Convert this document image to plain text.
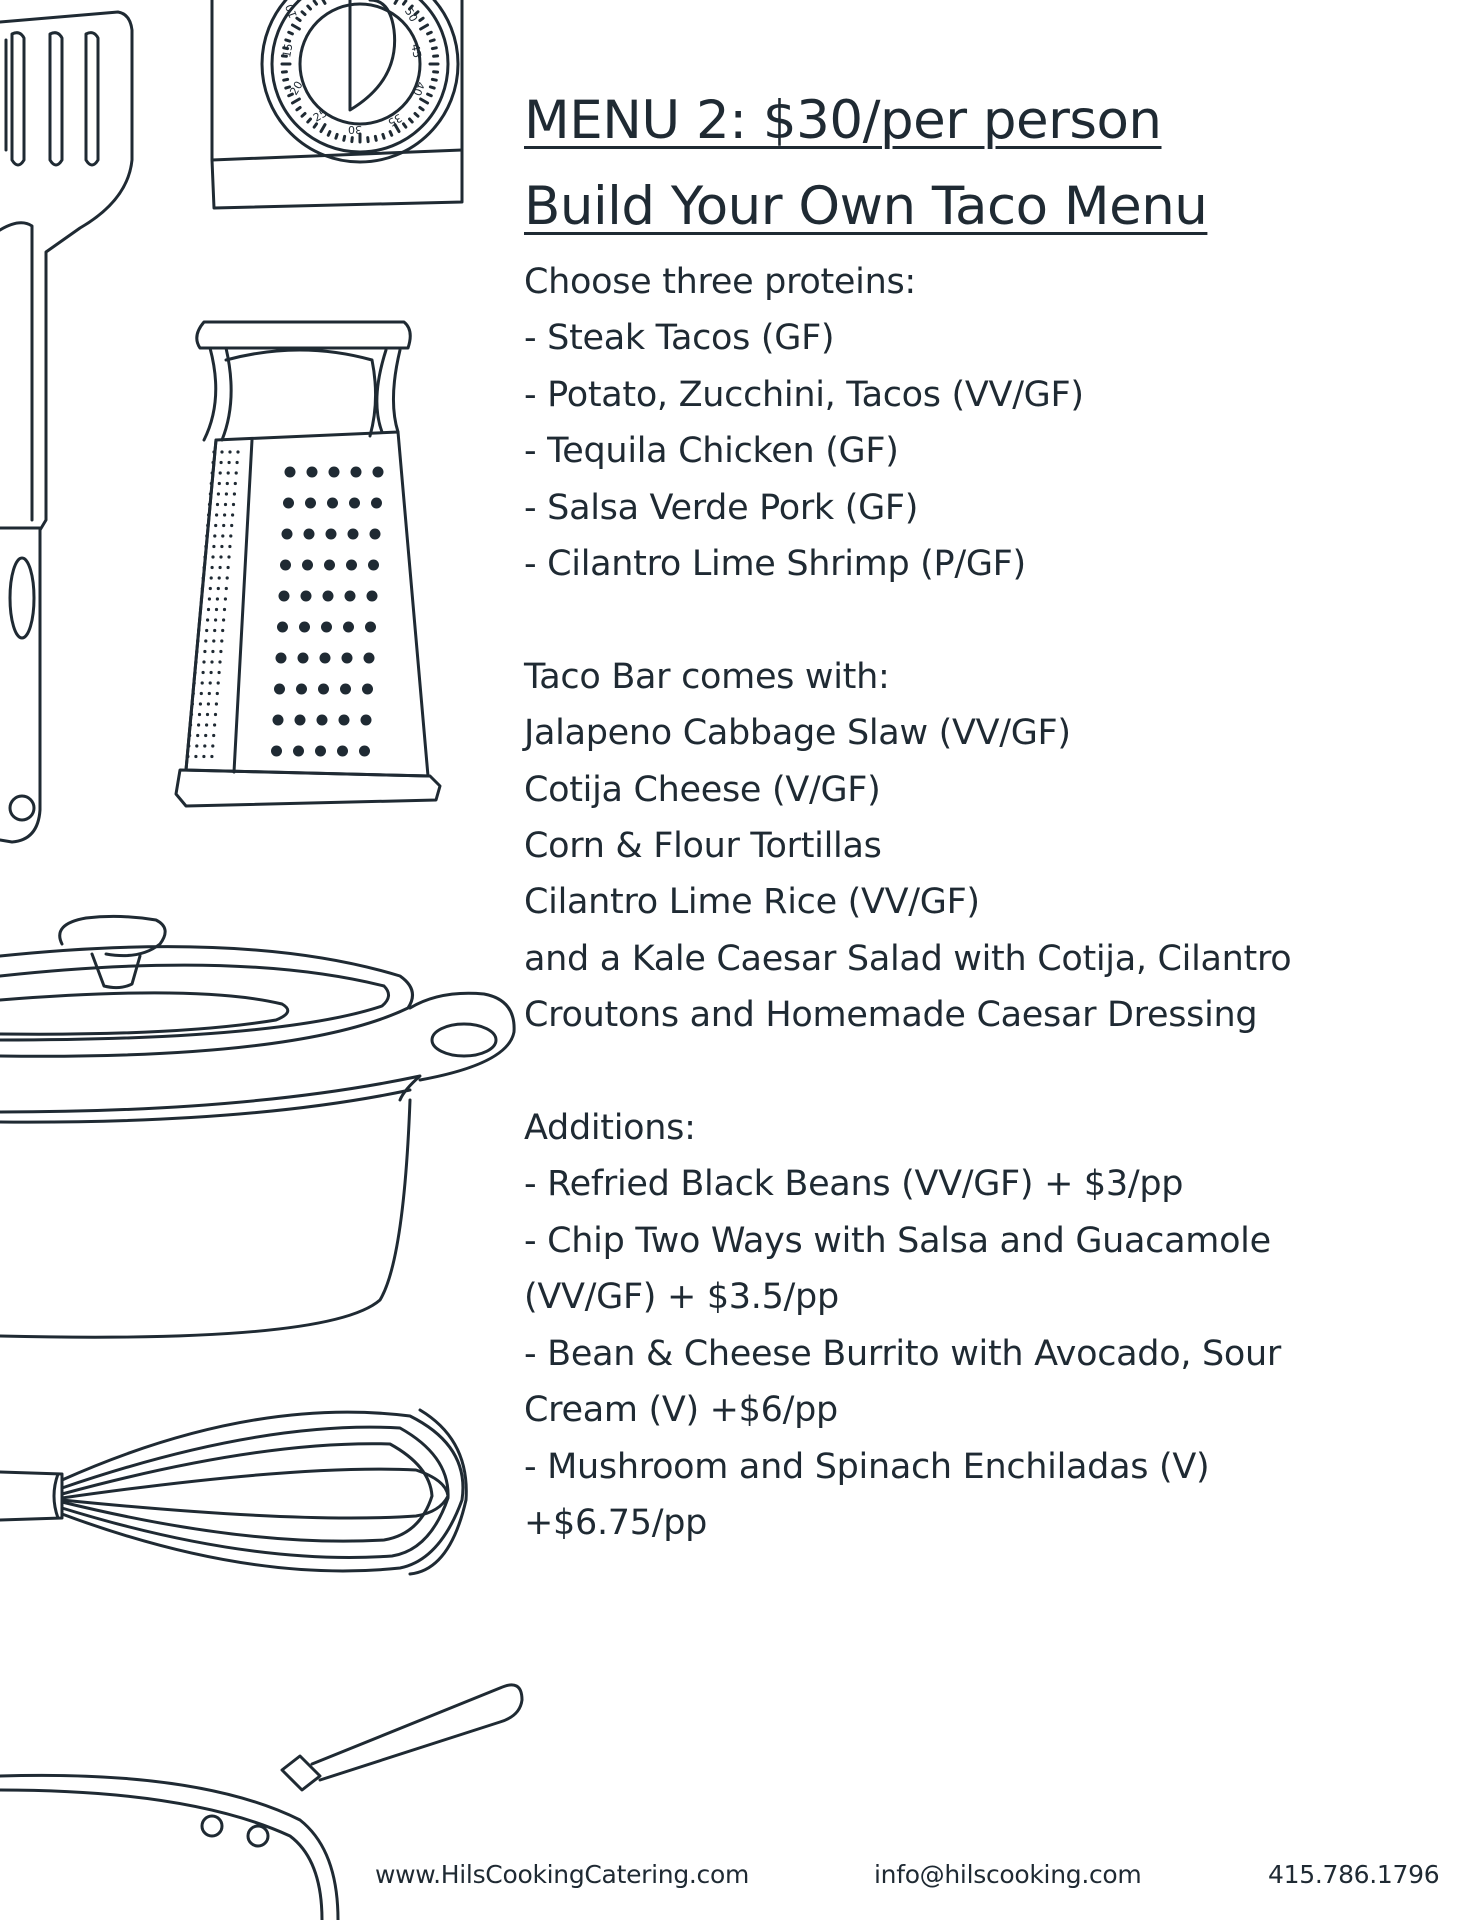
15
20
25
30
35
40
45
50
10
MENU 2: $30/per person
Build Your Own Taco Menu
Choose three proteins:
- Steak Tacos (GF)
- Potato, Zucchini, Tacos (VV/GF)
- Tequila Chicken (GF)
- Salsa Verde Pork (GF)
- Cilantro Lime Shrimp (P/GF)
Taco Bar comes with:
Jalapeno Cabbage Slaw (VV/GF)
Cotija Cheese (V/GF)
Corn & Flour Tortillas
Cilantro Lime Rice (VV/GF)
and a Kale Caesar Salad with Cotija, Cilantro
Croutons and Homemade Caesar Dressing
Additions:
- Refried Black Beans (VV/GF) + $3/pp
- Chip Two Ways with Salsa and Guacamole
(VV/GF) + $3.5/pp
- Bean & Cheese Burrito with Avocado, Sour
Cream (V) +$6/pp
- Mushroom and Spinach Enchiladas (V)
+$6.75/pp
www.HilsCookingCatering.com	info@hilscooking.com	415.786.1796
